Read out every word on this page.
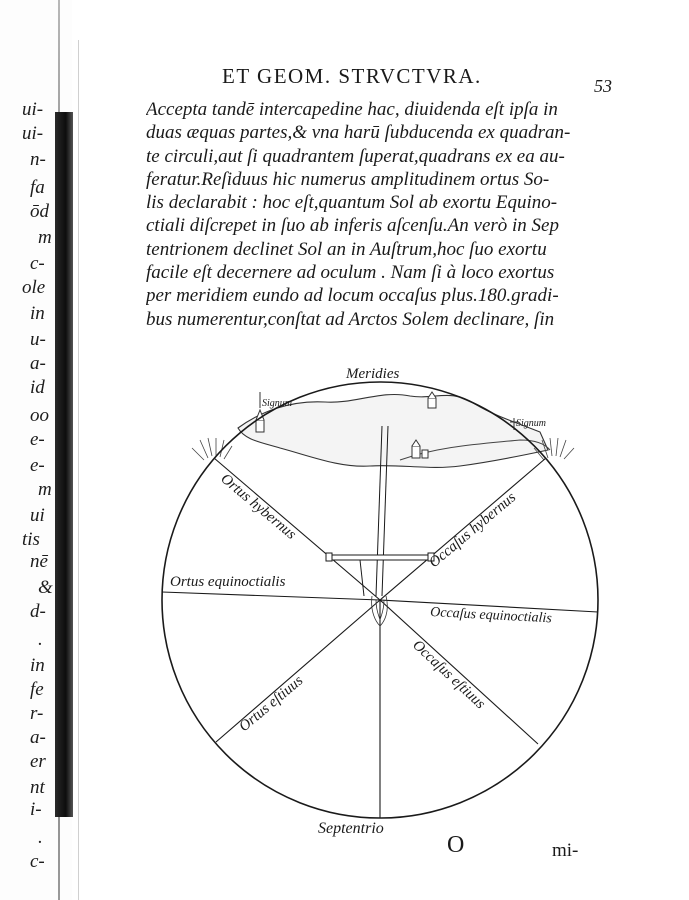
ui-
ui-
n-
fa
ōd
m
c-
ole
in
u-
a-
id
oo
e-
e-
m
ui
tis
nē
&
d-
.
in
fe
r-
a-
er
nt
i-
.
c-
ET GEOM. STRVCTVRA.	53
Accepta tandē intercapedine hac, diuidenda eſt ipſa in
duas æquas partes,& vna harū ſubducenda ex quadran-
te circuli,aut ſi quadrantem ſuperat,quadrans ex ea au-
feratur.Reſiduus hic numerus amplitudinem ortus So-
lis declarabit : hoc eſt,quantum Sol ab exortu Equino-
ctiali diſcrepet in ſuo ab inferis aſcenſu.An verò in Sep
tentrionem declinet Sol an in Auſtrum,hoc ſuo exortu
facile eſt decernere ad oculum . Nam ſi à loco exortus
per meridiem eundo ad locum occaſus plus.180.gradi-
bus numerentur,conſtat ad Arctos Solem declinare, ſin
Meridies
Signum
Signum
Ortus hybernus	Occaſus hybernus
Ortus equinoctialis
Occaſus equinoctialis
Ortus eſtiuus	Occaſus eſtiuus
Septentrio
O	mi-
